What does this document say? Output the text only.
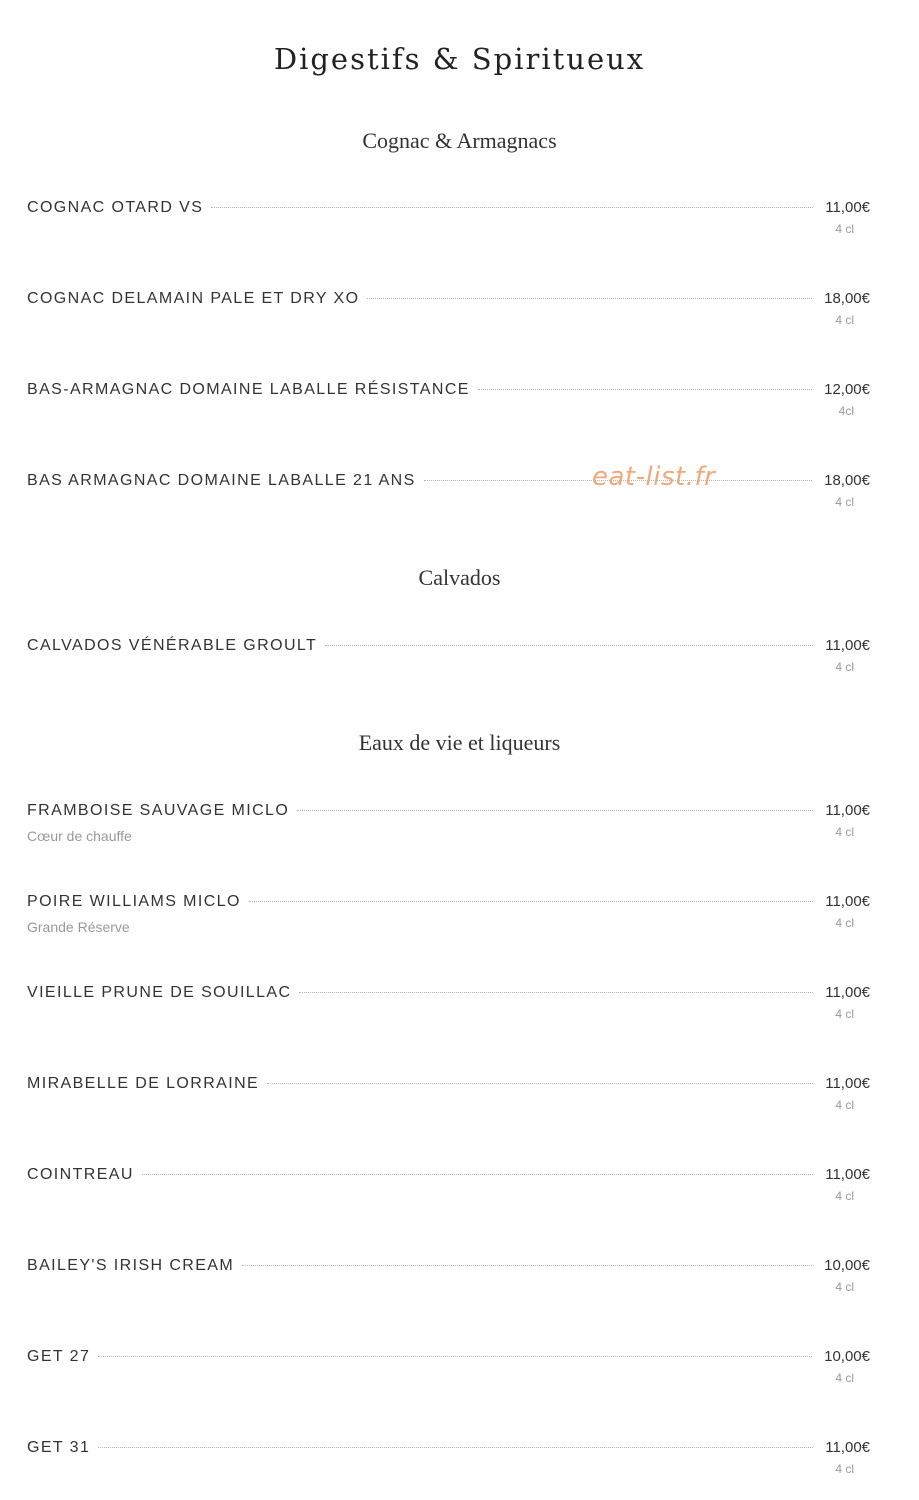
Digestifs & Spiritueux
Cognac & Armagnacs
COGNAC OTARD VS	11,00€
4 cl
COGNAC DELAMAIN PALE ET DRY XO	18,00€
4 cl
BAS-ARMAGNAC DOMAINE LABALLE RÉSISTANCE	12,00€
4cl
BAS ARMAGNAC DOMAINE LABALLE 21 ANS	18,00€
4 cl
Calvados
CALVADOS VÉNÉRABLE GROULT	11,00€
4 cl
Eaux de vie et liqueurs
FRAMBOISE SAUVAGE MICLO	11,00€
Cœur de chauffe	4 cl
POIRE WILLIAMS MICLO	11,00€
Grande Réserve	4 cl
VIEILLE PRUNE DE SOUILLAC	11,00€
4 cl
MIRABELLE DE LORRAINE	11,00€
4 cl
COINTREAU	11,00€
4 cl
BAILEY'S IRISH CREAM	10,00€
4 cl
GET 27	10,00€
4 cl
GET 31	11,00€
4 cl
eat-list.fr
